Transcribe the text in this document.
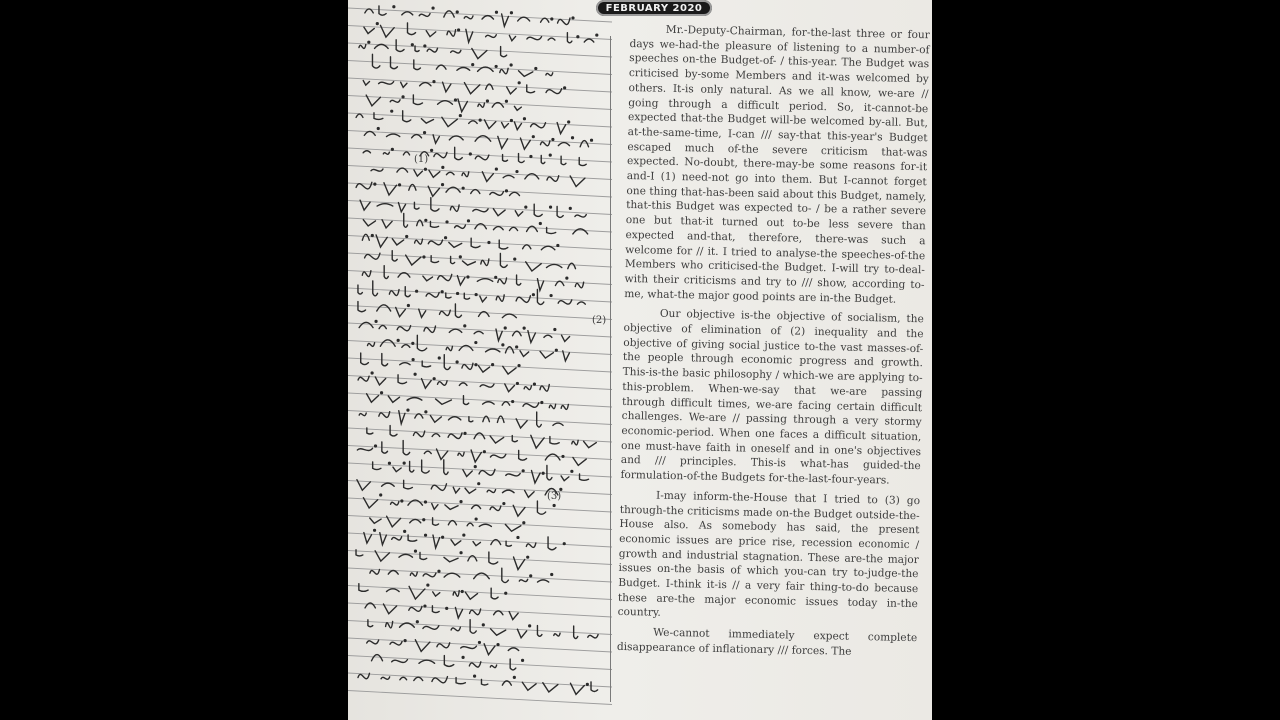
FEBRUARY 2020
(1)
(2)
(3)

Mr.-Deputy-Chairman, for-the-last three or four days we-had-the pleasure of listening to a number-of speeches on-the Budget-of- / this-year. The Budget was criticised by-some Members and it-was welcomed by others. It-is only natural. As we all know, we-are // going through a difficult period. So, it-cannot-be expected that-the Budget will-be welcomed by-all. But, at-the-same-time, I-can /// say-that this-year's Budget escaped much of-the severe criticism that-was expected. No-doubt, there-may-be some reasons for-it and-I (1) need-not go into them. But I-cannot forget one thing that-has-been said about this Budget, namely, that-this Budget was expected to- / be a rather severe one but that-it turned out to-be less severe than expected and-that, therefore, there-was such a welcome for // it. I tried to analyse-the speeches-of-the Members who criticised-the Budget. I-will try to-deal-with their criticisms and try to /// show, according to-me, what-the major good points are in-the Budget.

Our objective is-the objective of socialism, the objective of elimination of (2) inequality and the objective of giving social justice to-the vast masses-of-the people through economic progress and growth. This-is-the basic philosophy / which-we are applying to-this-problem. When-we-say that we-are passing through difficult times, we-are facing certain difficult challenges. We-are // passing through a very stormy economic-period. When one faces a difficult situation, one must-have faith in oneself and in one's objectives and /// principles. This-is what-has guided-the formulation-of-the Budgets for-the-last-four-years.

I-may inform-the-House that I tried to (3) go through-the criticisms made on-the Budget outside-the-House also. As somebody has said, the present economic issues are price rise, recession economic / growth and industrial stagnation. These are-the major issues on-the basis of which you-can try to-judge-the Budget. I-think it-is // a very fair thing-to-do because these are-the major economic issues today in-the country.

We-cannot immediately expect complete disappearance of inflationary /// forces. The
